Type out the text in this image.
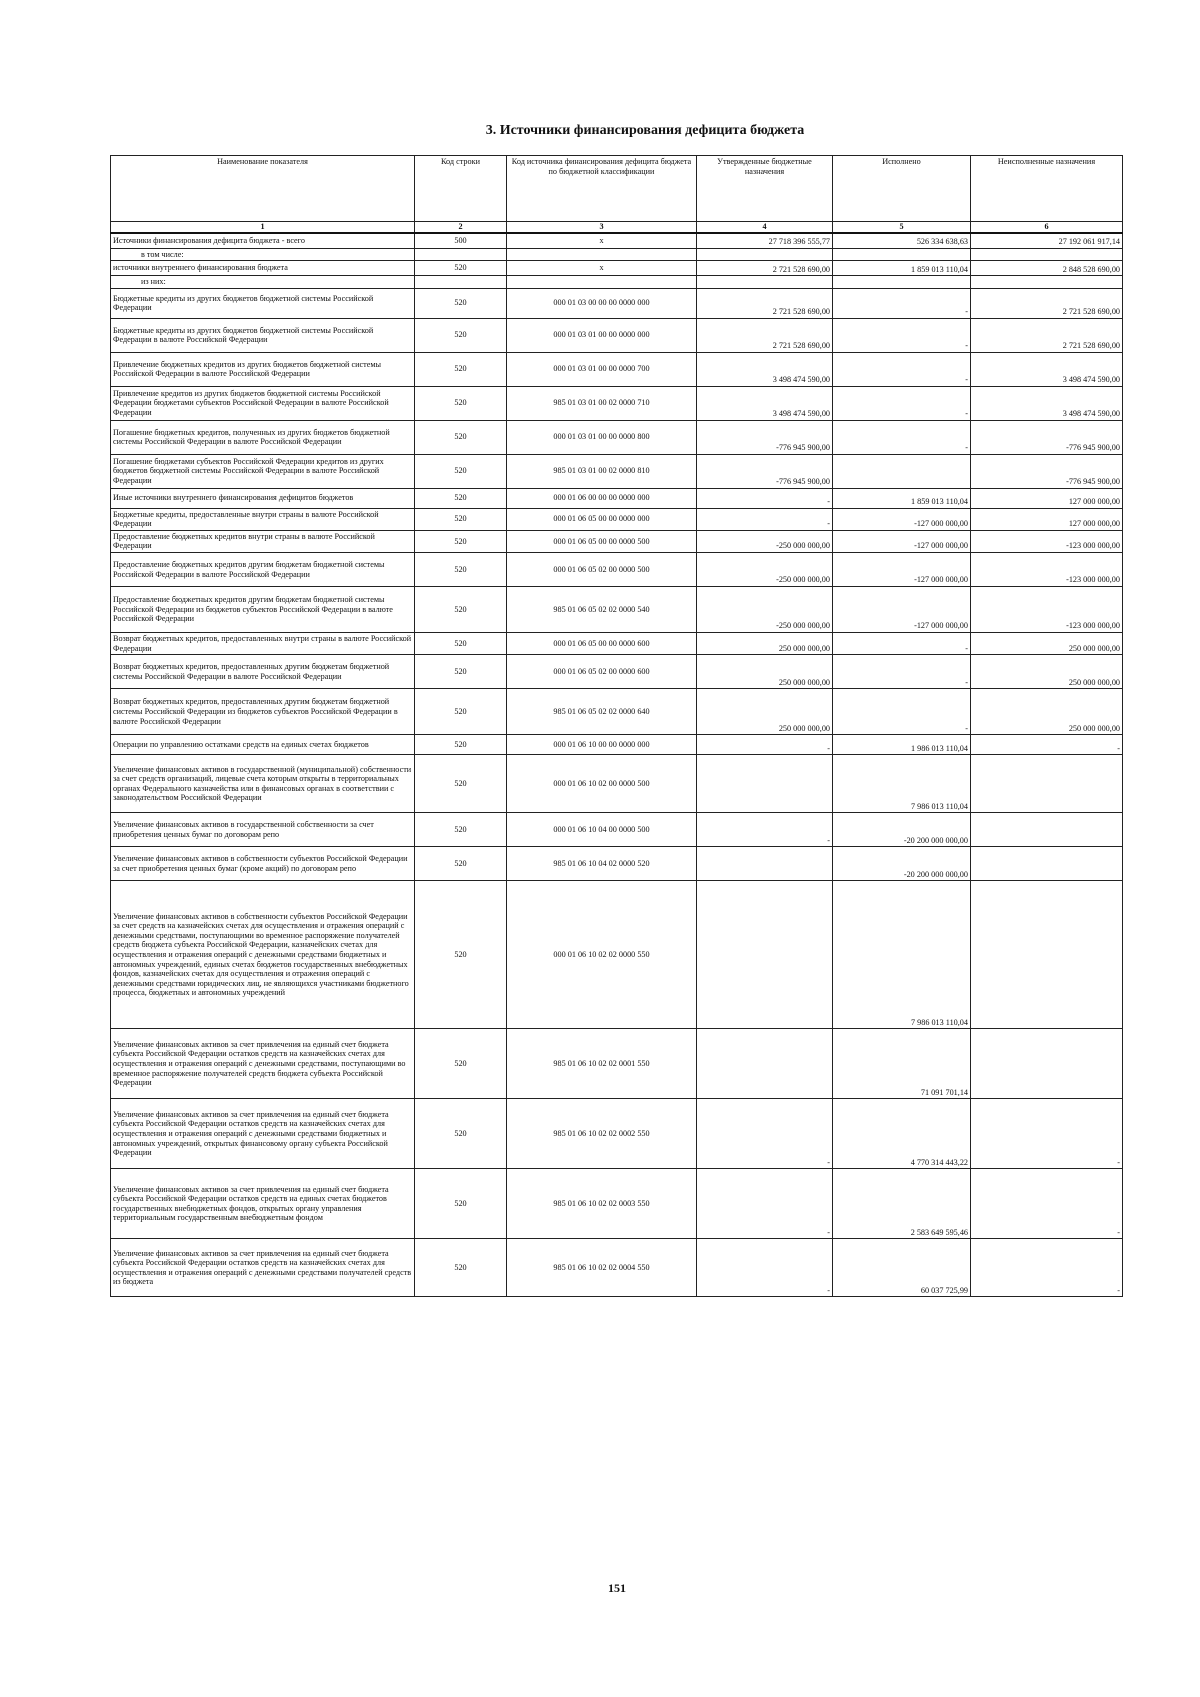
3. Источники финансирования дефицита бюджета
Наименование показателя	Код строки	Код источника финансирования дефицита бюджета по бюджетной классификации	Утвержденные бюджетные назначения	Исполнено	Неисполненные назначения
1	2	3	4	5	6
Источники финансирования дефицита бюджета - всего	500	x	27 718 396 555,77	526 334 638,63	27 192 061 917,14
в том числе:					
источники внутреннего финансирования бюджета	520	x	2 721 528 690,00	1 859 013 110,04	2 848 528 690,00
из них:					
Бюджетные кредиты из других бюджетов бюджетной системы Российской Федерации	520	000 01 03 00 00 00 0000 000	2 721 528 690,00	-	2 721 528 690,00
Бюджетные кредиты из других бюджетов бюджетной системы Российской Федерации в валюте Российской Федерации	520	000 01 03 01 00 00 0000 000	2 721 528 690,00	-	2 721 528 690,00
Привлечение бюджетных кредитов из других бюджетов бюджетной системы Российской Федерации в валюте Российской Федерации	520	000 01 03 01 00 00 0000 700	3 498 474 590,00	-	3 498 474 590,00
Привлечение кредитов из других бюджетов бюджетной системы Российской Федерации бюджетами субъектов Российской Федерации в валюте Российской Федерации	520	985 01 03 01 00 02 0000 710	3 498 474 590,00	-	3 498 474 590,00
Погашение бюджетных кредитов, полученных из других бюджетов бюджетной системы Российской Федерации в валюте Российской Федерации	520	000 01 03 01 00 00 0000 800	-776 945 900,00	-	-776 945 900,00
Погашение бюджетами субъектов Российской Федерации кредитов из других бюджетов бюджетной системы Российской Федерации в валюте Российской Федерации	520	985 01 03 01 00 02 0000 810	-776 945 900,00		-776 945 900,00
Иные источники внутреннего финансирования дефицитов бюджетов	520	000 01 06 00 00 00 0000 000	-	1 859 013 110,04	127 000 000,00
Бюджетные кредиты, предоставленные внутри страны в валюте Российской Федерации	520	000 01 06 05 00 00 0000 000	-	-127 000 000,00	127 000 000,00
Предоставление бюджетных кредитов внутри страны в валюте Российской Федерации	520	000 01 06 05 00 00 0000 500	-250 000 000,00	-127 000 000,00	-123 000 000,00
Предоставление бюджетных кредитов другим бюджетам бюджетной системы Российской Федерации в валюте Российской Федерации	520	000 01 06 05 02 00 0000 500	-250 000 000,00	-127 000 000,00	-123 000 000,00
Предоставление бюджетных кредитов другим бюджетам бюджетной системы Российской Федерации из бюджетов субъектов Российской Федерации в валюте Российской Федерации	520	985 01 06 05 02 02 0000 540	-250 000 000,00	-127 000 000,00	-123 000 000,00
Возврат бюджетных кредитов, предоставленных внутри страны в валюте Российской Федерации	520	000 01 06 05 00 00 0000 600	250 000 000,00	-	250 000 000,00
Возврат бюджетных кредитов, предоставленных другим бюджетам бюджетной системы Российской Федерации в валюте Российской Федерации	520	000 01 06 05 02 00 0000 600	250 000 000,00	-	250 000 000,00
Возврат бюджетных кредитов, предоставленных другим бюджетам бюджетной системы Российской Федерации из бюджетов субъектов Российской Федерации в валюте Российской Федерации	520	985 01 06 05 02 02 0000 640	250 000 000,00	-	250 000 000,00
Операции по управлению остатками средств на единых счетах бюджетов	520	000 01 06 10 00 00 0000 000	-	1 986 013 110,04	-
Увеличение финансовых активов в государственной (муниципальной) собственности за счет средств организаций, лицевые счета которым открыты в территориальных органах Федерального казначейства или в финансовых органах в соответствии с законодательством Российской Федерации	520	000 01 06 10 02 00 0000 500		7 986 013 110,04	
Увеличение финансовых активов в государственной собственности за счет приобретения ценных бумаг по договорам репо	520	000 01 06 10 04 00 0000 500	-	-20 200 000 000,00	
Увеличение финансовых активов в собственности субъектов Российской Федерации за счет приобретения ценных бумаг (кроме акций) по договорам репо	520	985 01 06 10 04 02 0000 520		-20 200 000 000,00	
Увеличение финансовых активов в собственности субъектов Российской Федерации за счет средств на казначейских счетах для осуществления и отражения операций с денежными средствами, поступающими во временное распоряжение получателей средств бюджета субъекта Российской Федерации, казначейских счетах для осуществления и отражения операций с денежными средствами бюджетных и автономных учреждений, единых счетах бюджетов государственных внебюджетных фондов, казначейских счетах для осуществления и отражения операций с денежными средствами юридических лиц, не являющихся участниками бюджетного процесса, бюджетных и автономных учреждений	520	000 01 06 10 02 02 0000 550		7 986 013 110,04	
Увеличение финансовых активов за счет привлечения на единый счет бюджета субъекта Российской Федерации остатков средств на казначейских счетах для осуществления и отражения операций с денежными средствами, поступающими во временное распоряжение получателей средств бюджета субъекта Российской Федерации	520	985 01 06 10 02 02 0001 550		71 091 701,14	
Увеличение финансовых активов за счет привлечения на единый счет бюджета субъекта Российской Федерации остатков средств на казначейских счетах для осуществления и отражения операций с денежными средствами бюджетных и автономных учреждений, открытых финансовому органу субъекта Российской Федерации	520	985 01 06 10 02 02 0002 550	-	4 770 314 443,22	-
Увеличение финансовых активов за счет привлечения на единый счет бюджета субъекта Российской Федерации остатков средств на единых счетах бюджетов государственных внебюджетных фондов, открытых органу управления территориальным государственным внебюджетным фондом	520	985 01 06 10 02 02 0003 550	-	2 583 649 595,46	-
Увеличение финансовых активов за счет привлечения на единый счет бюджета субъекта Российской Федерации остатков средств на казначейских счетах для осуществления и отражения операций с денежными средствами получателей средств из бюджета	520	985 01 06 10 02 02 0004 550	-	60 037 725,99	-
151
